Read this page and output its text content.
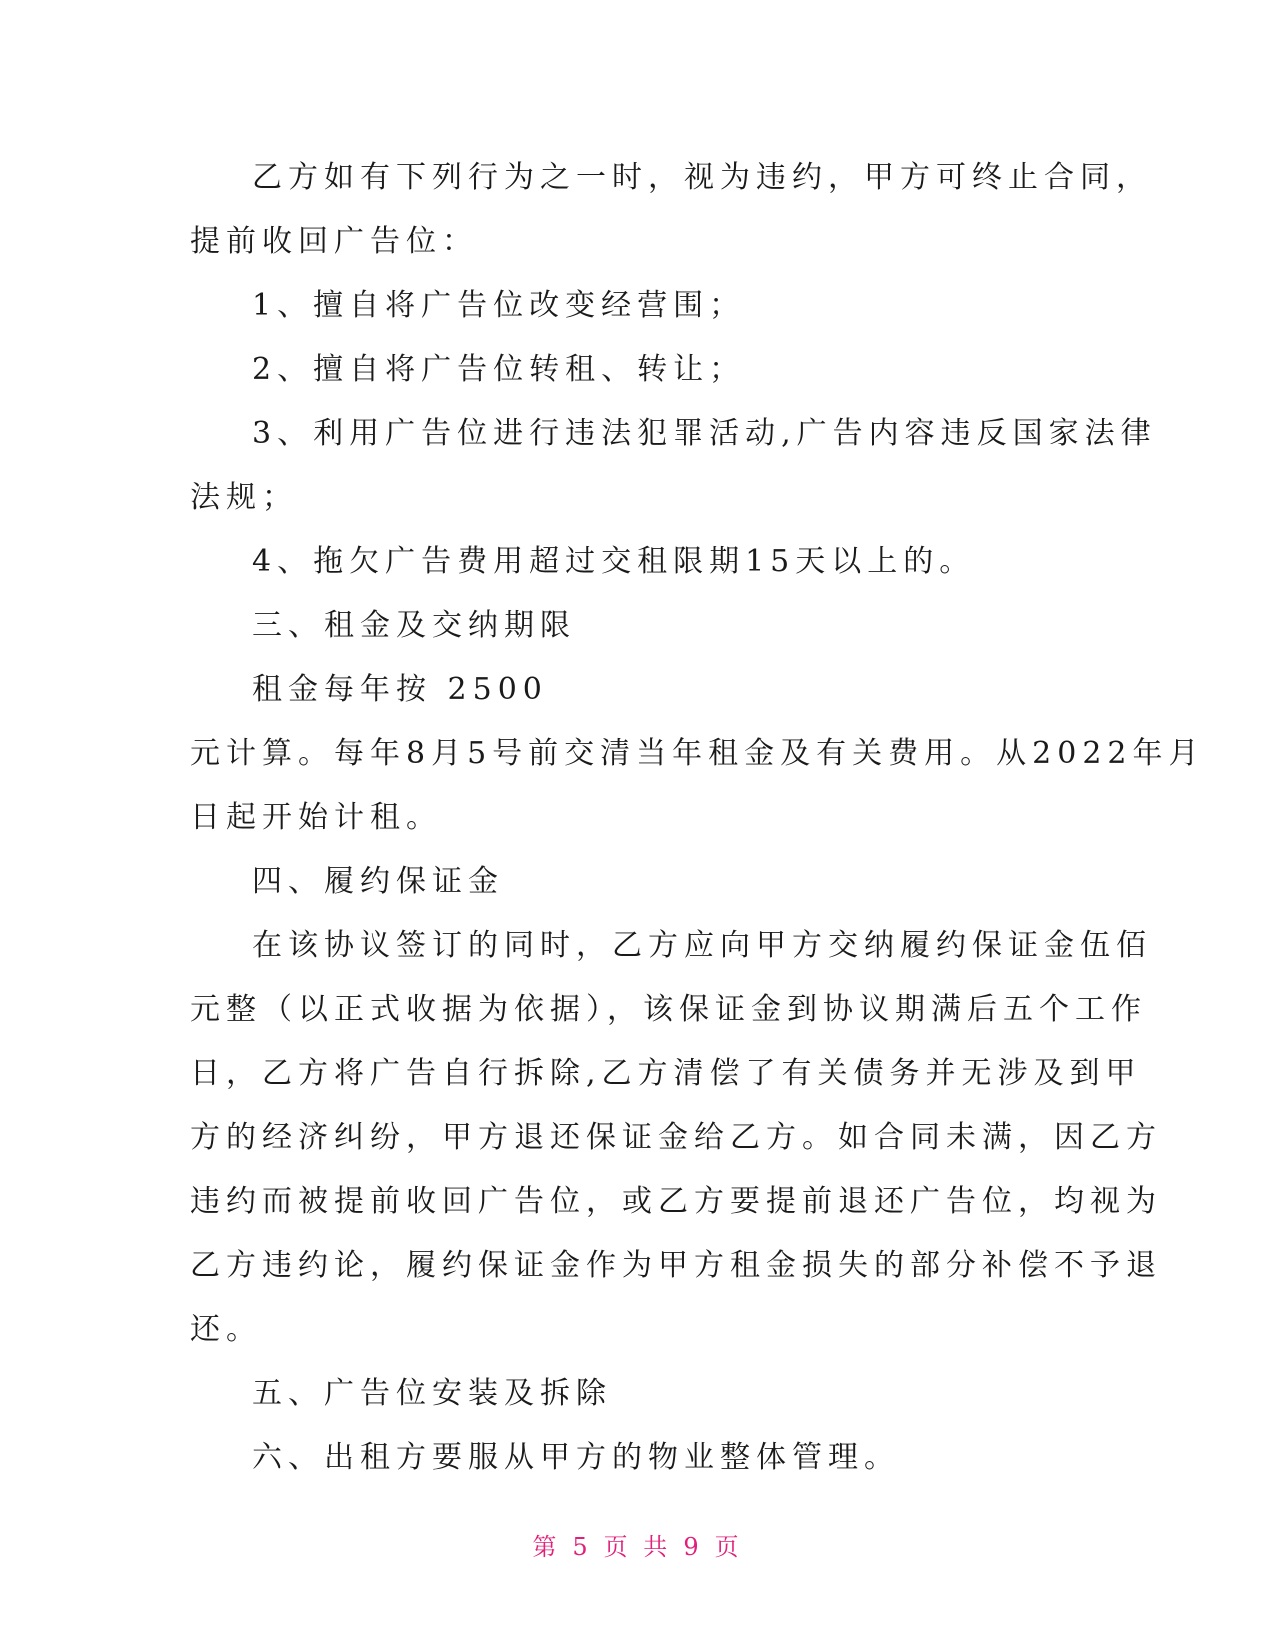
乙方如有下列行为之一时，视为违约，甲方可终止合同，
提前收回广告位：
1、擅自将广告位改变经营围；
2、擅自将广告位转租、转让；
3、利用广告位进行违法犯罪活动,广告内容违反国家法律
法规；
4、拖欠广告费用超过交租限期15天以上的。
三、租金及交纳期限
租金每年按 2500
元计算。每年8月5号前交清当年租金及有关费用。从2022年月
日起开始计租。
四、履约保证金
在该协议签订的同时，乙方应向甲方交纳履约保证金伍佰
元整（以正式收据为依据），该保证金到协议期满后五个工作
日，乙方将广告自行拆除,乙方清偿了有关债务并无涉及到甲
方的经济纠纷，甲方退还保证金给乙方。如合同未满，因乙方
违约而被提前收回广告位，或乙方要提前退还广告位，均视为
乙方违约论，履约保证金作为甲方租金损失的部分补偿不予退
还。
五、广告位安装及拆除
六、出租方要服从甲方的物业整体管理。
第 5 页 共 9 页
